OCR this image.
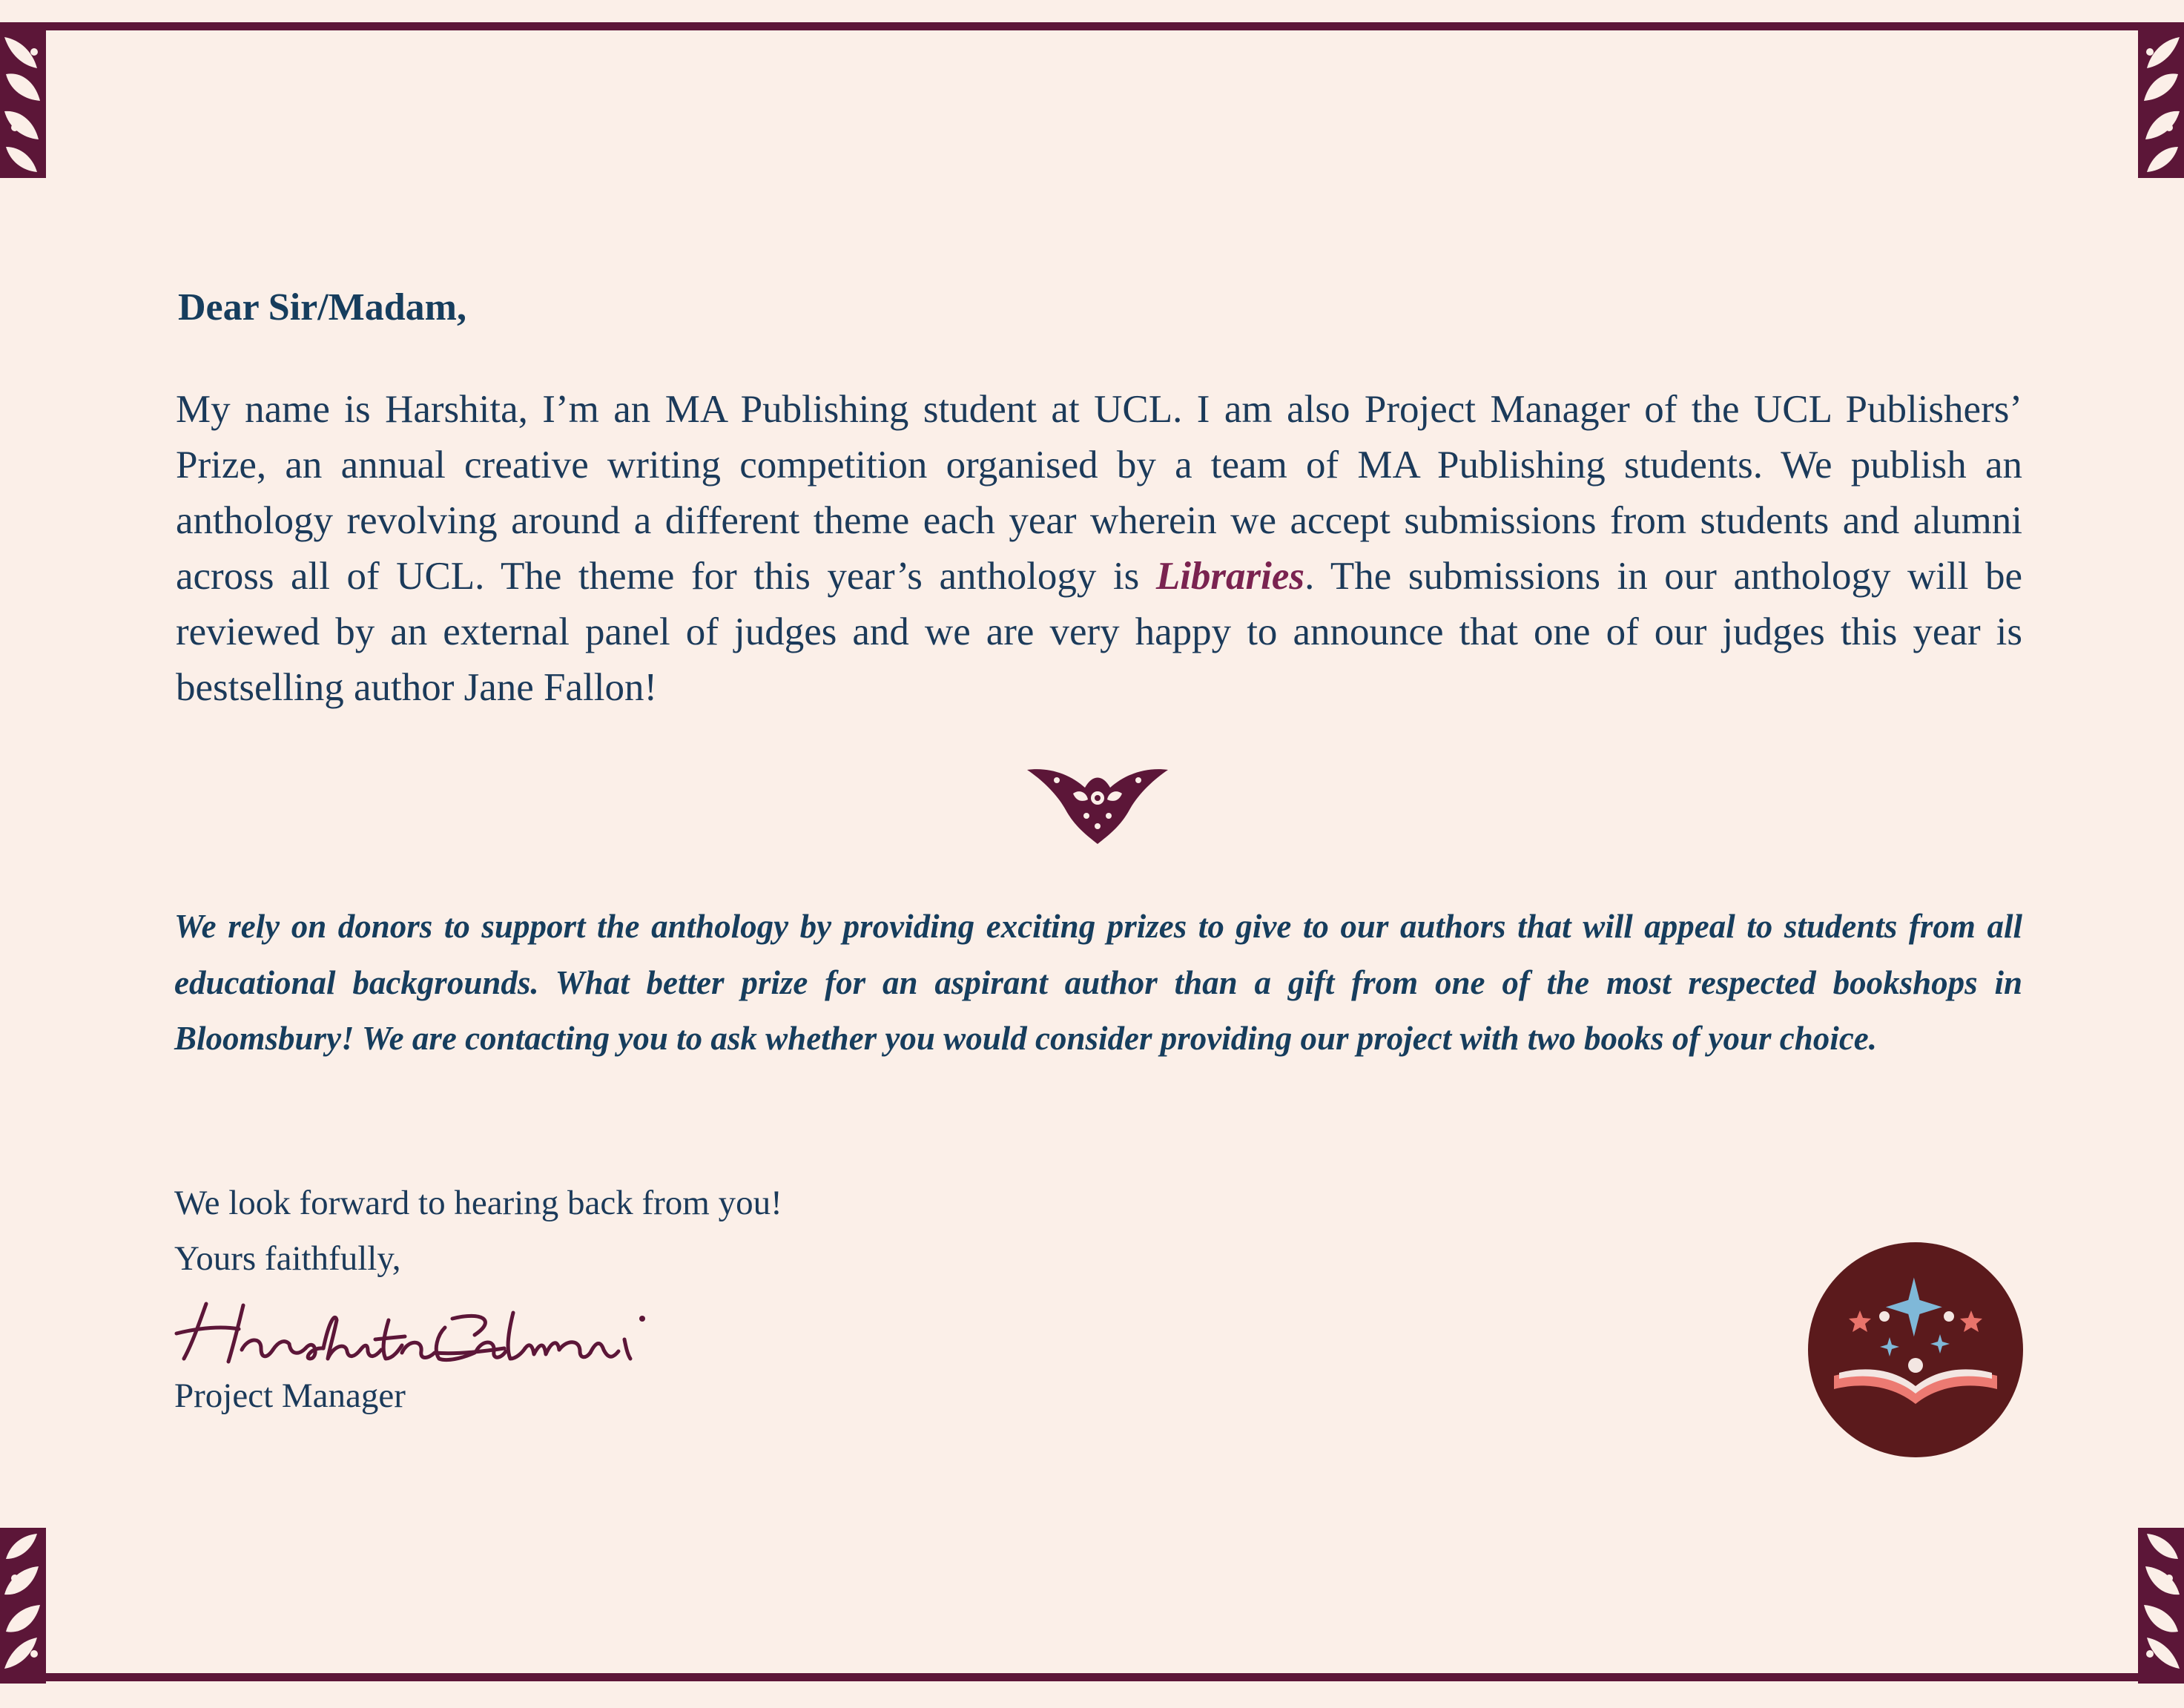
Dear Sir/Madam,

My name is Harshita, I’m an MA Publishing student at UCL. I am also Project Manager of the UCL Publishers’ Prize, an annual creative writing competition organised by a team of MA Publishing students. We publish an anthology revolving around a different theme each year wherein we accept submissions from students and alumni across all of UCL. The theme for this year’s anthology is Libraries. The submissions in our anthology will be reviewed by an external panel of judges and we are very happy to announce that one of our judges this year is bestselling author Jane Fallon!

We rely on donors to support the anthology by providing exciting prizes to give to our authors that will appeal to students from all educational backgrounds. What better prize for an aspirant author than a gift from one of the most respected bookshops in Bloomsbury! We are contacting you to ask whether you would consider providing our project with two books of your choice.

We look forward to hearing back from you!

Yours faithfully,

Project Manager
